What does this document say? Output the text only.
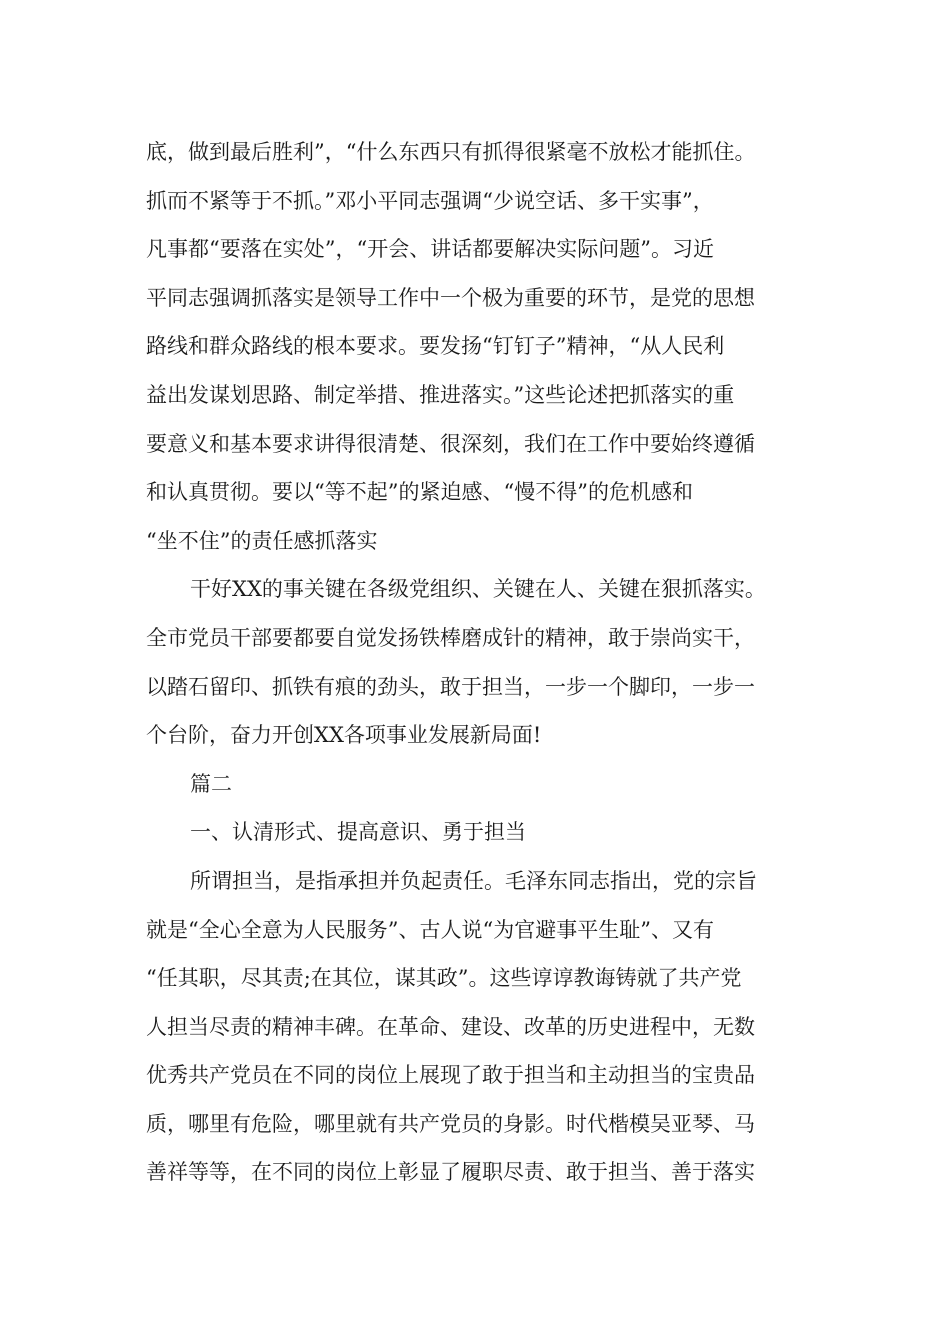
底，做到最后胜利”，“什么东西只有抓得很紧毫不放松才能抓住。
抓而不紧等于不抓。”邓小平同志强调“少说空话、多干实事”，
凡事都“要落在实处”，“开会、讲话都要解决实际问题”。习近
平同志强调抓落实是领导工作中一个极为重要的环节，是党的思想
路线和群众路线的根本要求。要发扬“钉钉子”精神，“从人民利
益出发谋划思路、制定举措、推进落实。”这些论述把抓落实的重
要意义和基本要求讲得很清楚、很深刻，我们在工作中要始终遵循
和认真贯彻。要以“等不起”的紧迫感、“慢不得”的危机感和
“坐不住”的责任感抓落实
干好XX的事关键在各级党组织、关键在人、关键在狠抓落实。
全市党员干部要都要自觉发扬铁棒磨成针的精神，敢于崇尚实干，
以踏石留印、抓铁有痕的劲头，敢于担当，一步一个脚印，一步一
个台阶，奋力开创XX各项事业发展新局面!
篇二
一、认清形式、提高意识、勇于担当
所谓担当，是指承担并负起责任。毛泽东同志指出，党的宗旨
就是“全心全意为人民服务”、古人说“为官避事平生耻”、又有
“任其职，尽其责;在其位，谋其政”。这些谆谆教诲铸就了共产党
人担当尽责的精神丰碑。在革命、建设、改革的历史进程中，无数
优秀共产党员在不同的岗位上展现了敢于担当和主动担当的宝贵品
质，哪里有危险，哪里就有共产党员的身影。时代楷模吴亚琴、马
善祥等等，在不同的岗位上彰显了履职尽责、敢于担当、善于落实
